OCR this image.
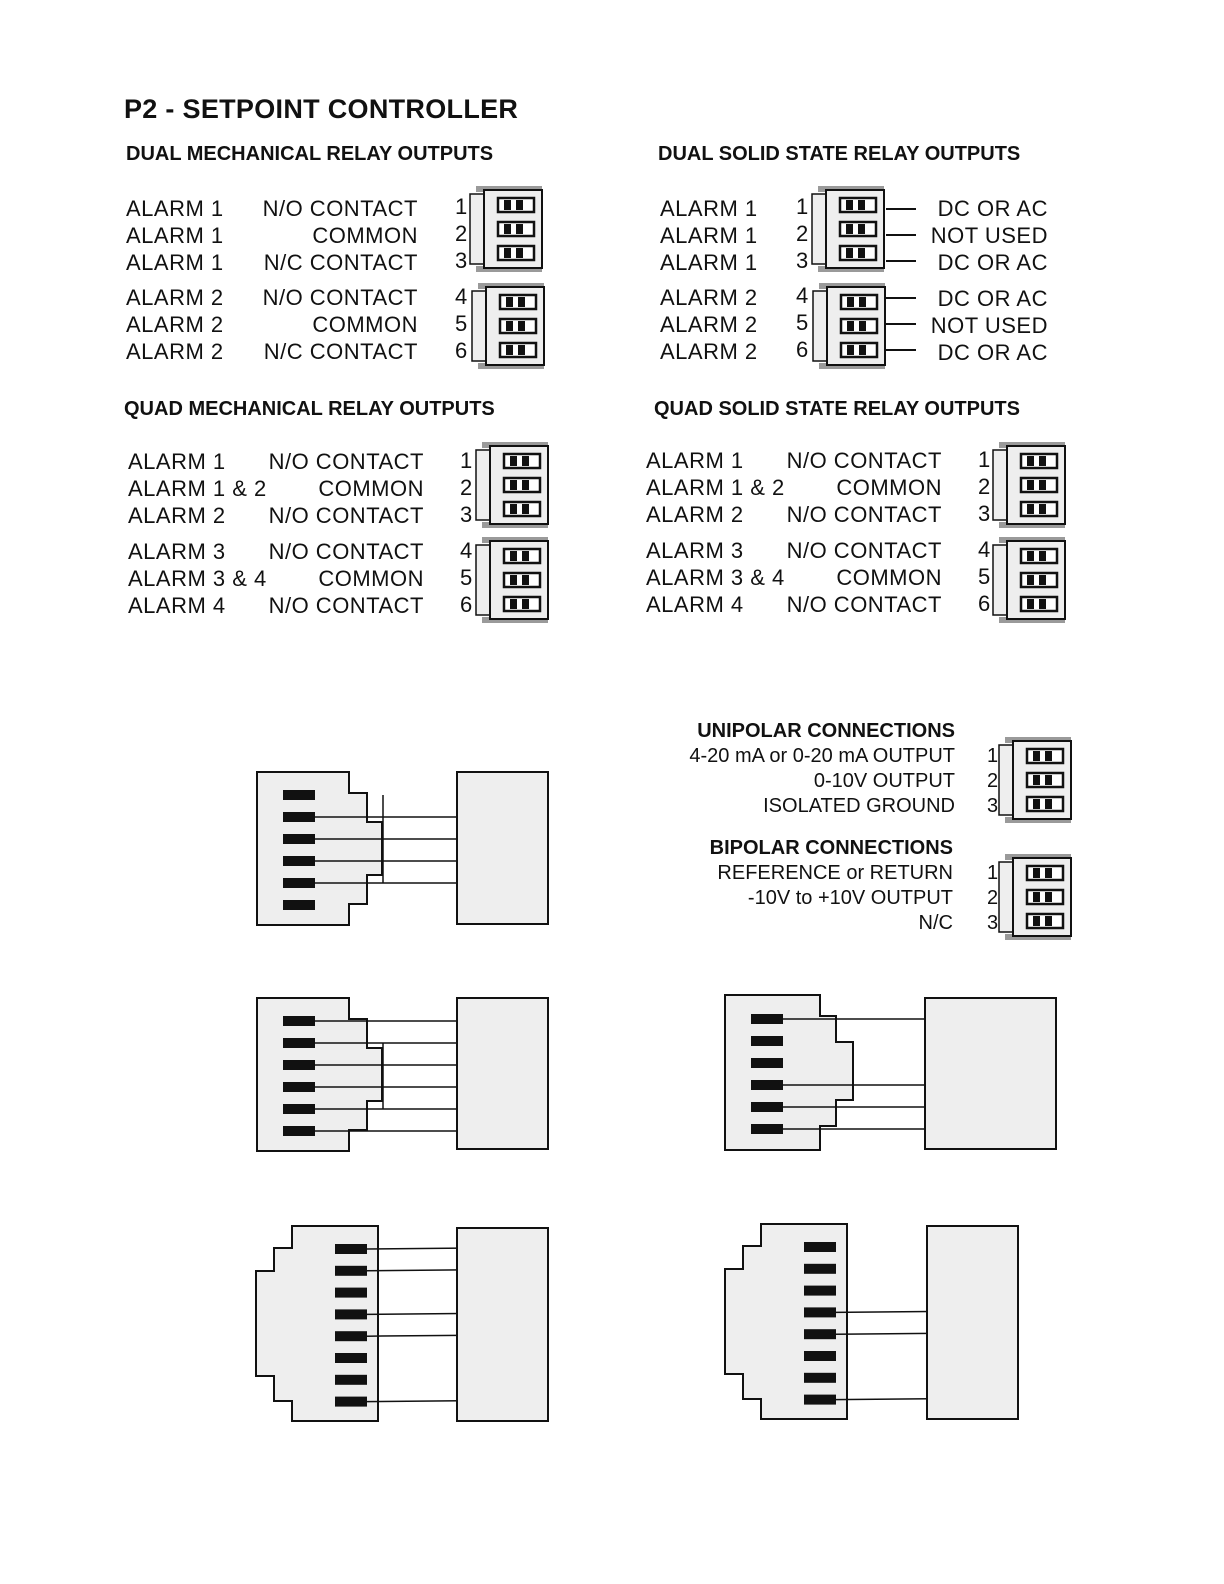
P2 - SETPOINT CONTROLLER
DUAL MECHANICAL RELAY OUTPUTS
ALARM 1	N/O CONTACT 1
ALARM 1	COMMON 2
ALARM 1	N/C CONTACT 3
ALARM 2	N/O CONTACT 4
ALARM 2	COMMON 5
ALARM 2	N/C CONTACT 6
DUAL SOLID STATE RELAY OUTPUTS
ALARM 1 1	DC OR AC
ALARM 1 2	NOT USED
ALARM 1 3	DC OR AC
ALARM 2 4	DC OR AC
ALARM 2 5	NOT USED
ALARM 2 6	DC OR AC
QUAD MECHANICAL RELAY OUTPUTS
ALARM 1	N/O CONTACT 1
ALARM 1 & 2	COMMON 2
ALARM 2	N/O CONTACT 3
ALARM 3	N/O CONTACT 4
ALARM 3 & 4	COMMON 5
ALARM 4	N/O CONTACT 6
QUAD SOLID STATE RELAY OUTPUTS
ALARM 1	N/O CONTACT 1
ALARM 1 & 2	COMMON 2
ALARM 2	N/O CONTACT 3
ALARM 3	N/O CONTACT 4
ALARM 3 & 4	COMMON 5
ALARM 4	N/O CONTACT 6
UNIPOLAR CONNECTIONS
4-20 mA or 0-20 mA OUTPUT 1
0-10V OUTPUT 2
ISOLATED GROUND 3
BIPOLAR CONNECTIONS
REFERENCE or RETURN 1
-10V to +10V OUTPUT 2
N/C 3
